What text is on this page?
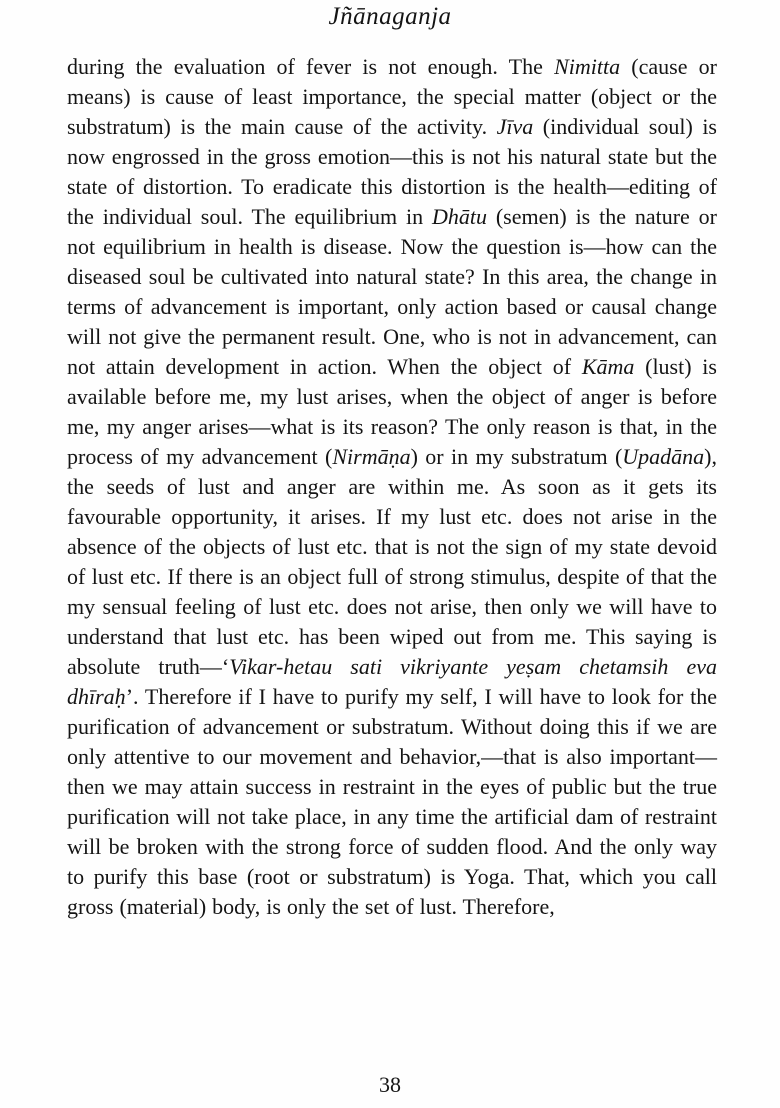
Jñānaganja
during the evaluation of fever is not enough. The Nimitta (cause or means) is cause of least importance, the special matter (object or the substratum) is the main cause of the activity. Jīva (individual soul) is now engrossed in the gross emotion—this is not his natural state but the state of distortion. To eradicate this distortion is the health—editing of the individual soul. The equilibrium in Dhātu (semen) is the nature or not equilibrium in health is disease. Now the question is—how can the diseased soul be cultivated into natural state? In this area, the change in terms of advancement is important, only action based or causal change will not give the permanent result. One, who is not in advancement, can not attain development in action. When the object of Kāma (lust) is available before me, my lust arises, when the object of anger is before me, my anger arises—what is its reason? The only reason is that, in the process of my advancement (Nirmāṇa) or in my substratum (Upadāna), the seeds of lust and anger are within me. As soon as it gets its favourable opportunity, it arises. If my lust etc. does not arise in the absence of the objects of lust etc. that is not the sign of my state devoid of lust etc. If there is an object full of strong stimulus, despite of that the my sensual feeling of lust etc. does not arise, then only we will have to understand that lust etc. has been wiped out from me. This saying is absolute truth—‘Vikar-hetau sati vikriyante yeṣam chetamsih eva dhīraḥ’. Therefore if I have to purify my self, I will have to look for the purification of advancement or substratum. Without doing this if we are only attentive to our movement and behavior,—that is also important—then we may attain success in restraint in the eyes of public but the true purification will not take place, in any time the artificial dam of restraint will be broken with the strong force of sudden flood. And the only way to purify this base (root or substratum) is Yoga. That, which you call gross (material) body, is only the set of lust. Therefore,
38
